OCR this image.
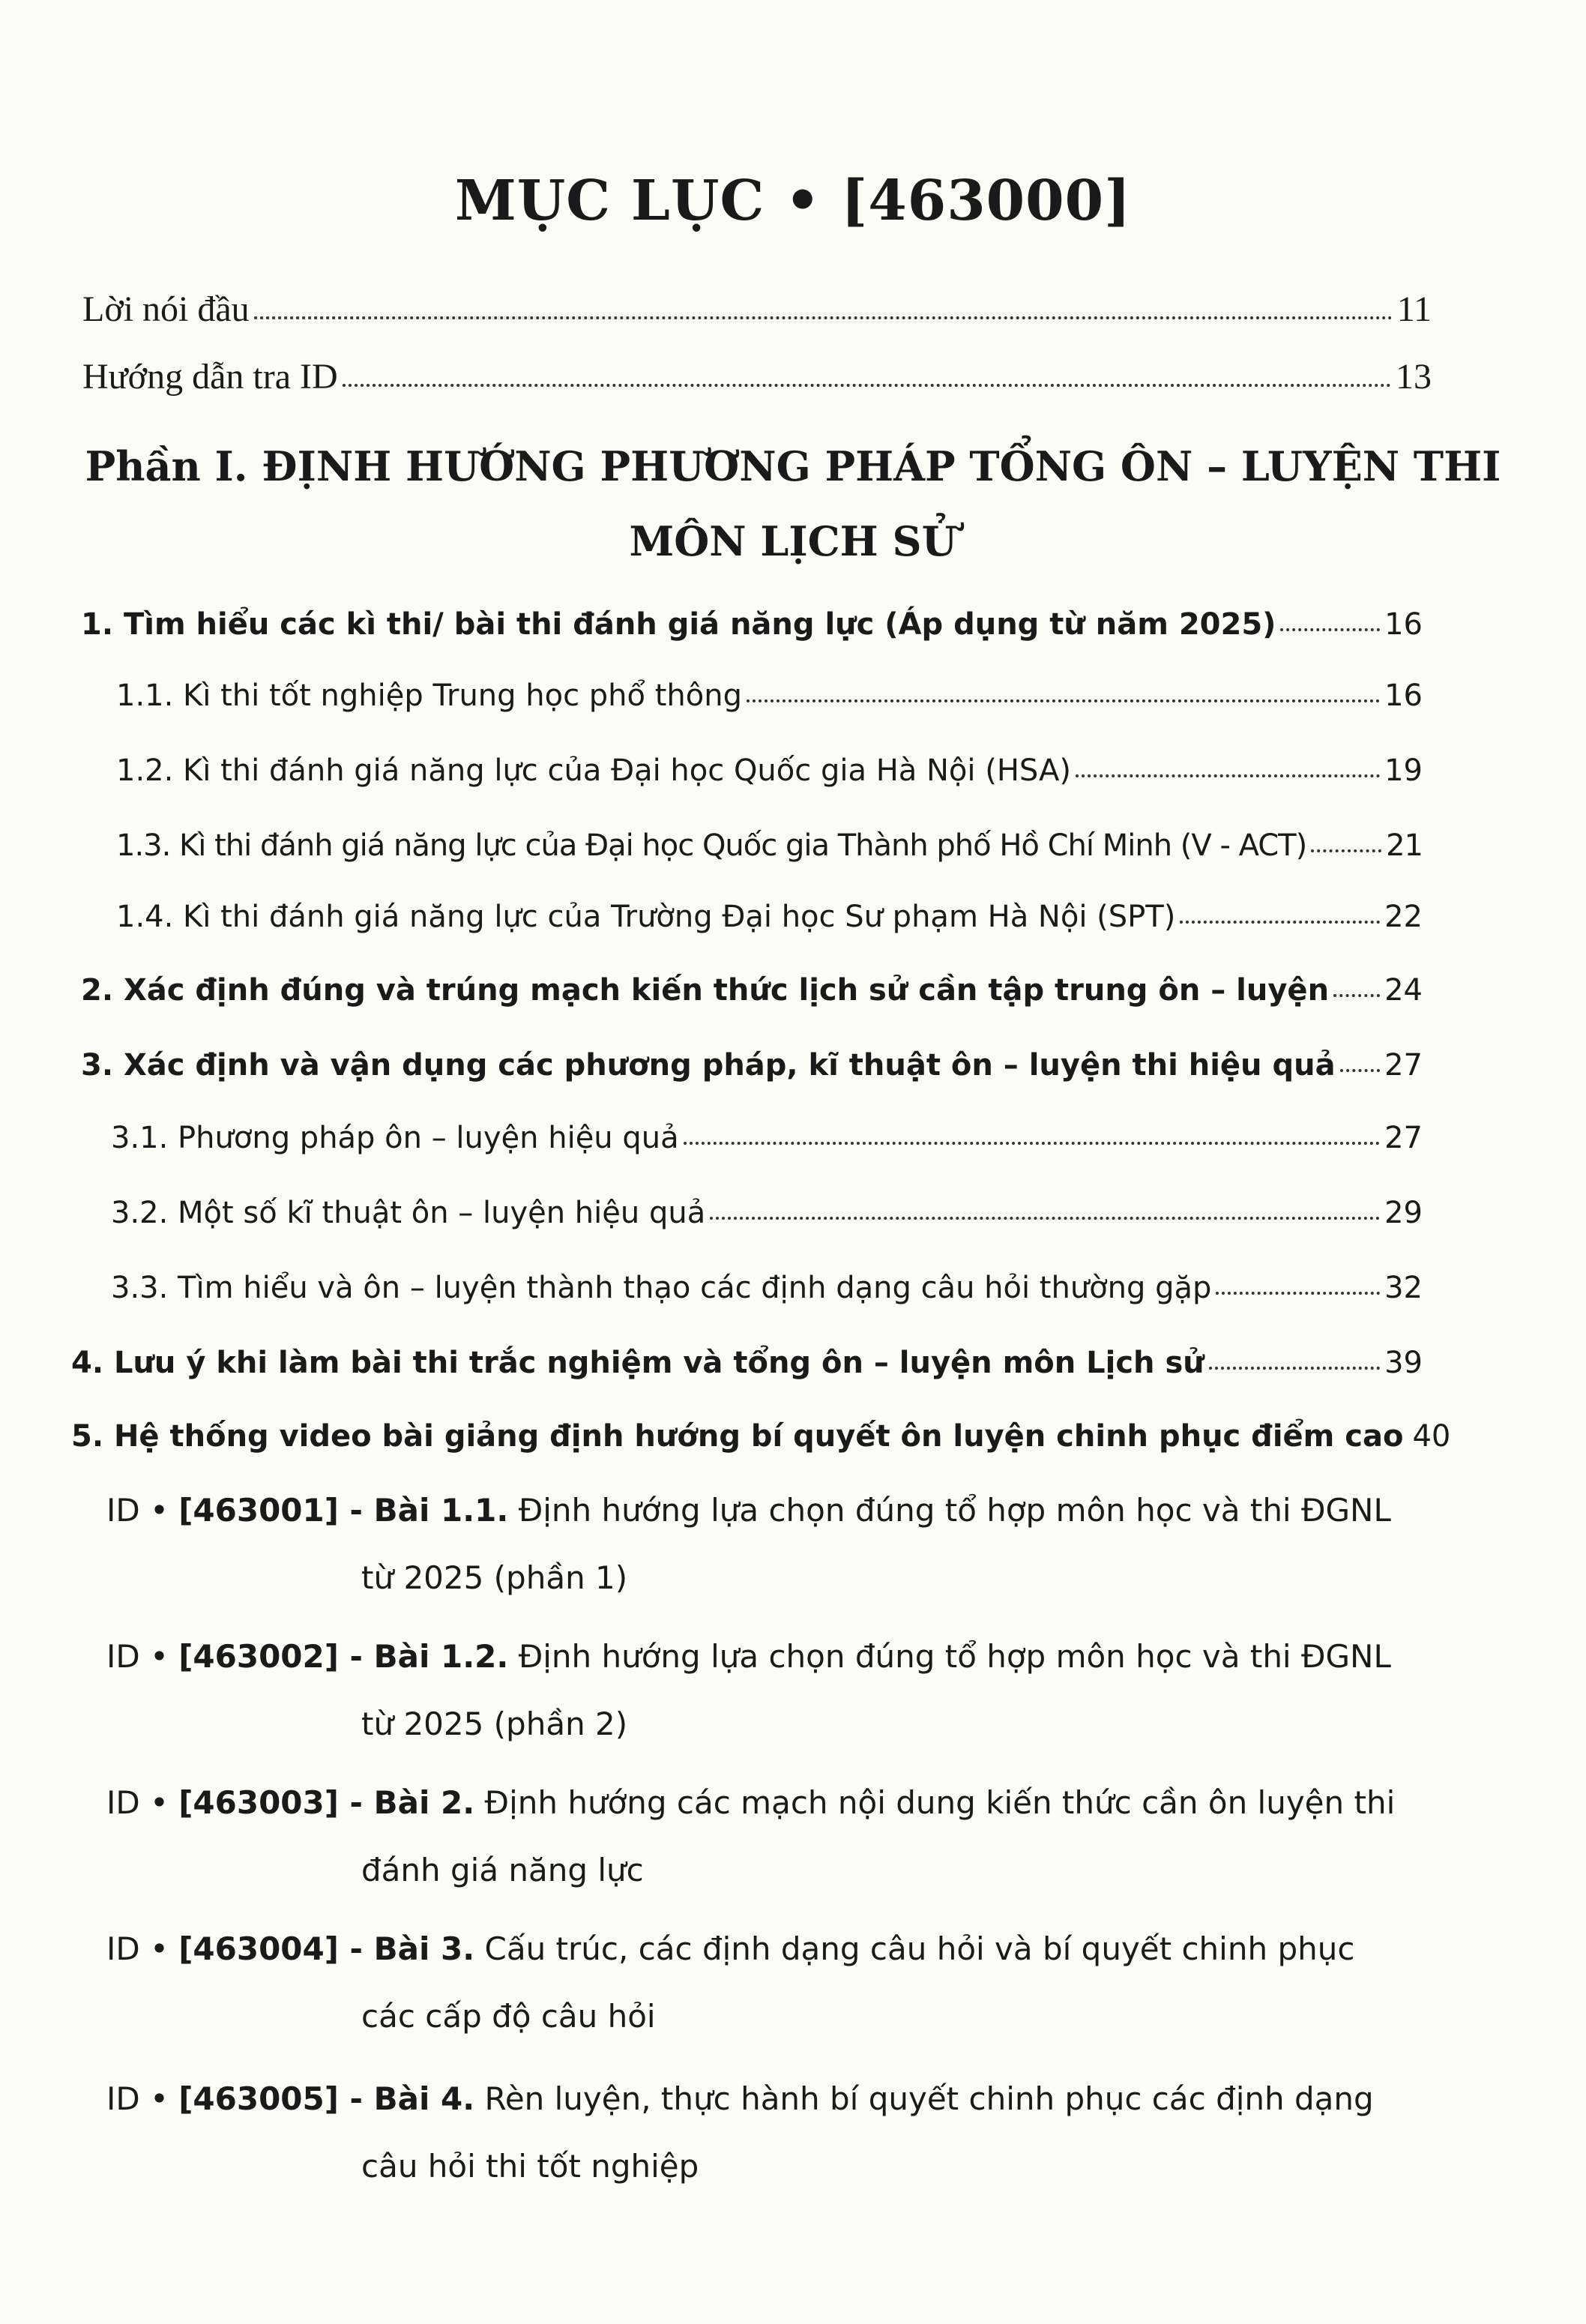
MỤC LỤC • [463000]
Lời nói đầu	11
Hướng dẫn tra ID	13
Phần I. ĐỊNH HƯỚNG PHƯƠNG PHÁP TỔNG ÔN – LUYỆN THI
MÔN LỊCH SỬ
1. Tìm hiểu các kì thi/ bài thi đánh giá năng lực (Áp dụng từ năm 2025)	16
1.1. Kì thi tốt nghiệp Trung học phổ thông	16
1.2. Kì thi đánh giá năng lực của Đại học Quốc gia Hà Nội (HSA)	19
1.3. Kì thi đánh giá năng lực của Đại học Quốc gia Thành phố Hồ Chí Minh (V - ACT)	21
1.4. Kì thi đánh giá năng lực của Trường Đại học Sư phạm Hà Nội (SPT)	22
2. Xác định đúng và trúng mạch kiến thức lịch sử cần tập trung ôn – luyện 24
3. Xác định và vận dụng các phương pháp, kĩ thuật ôn – luyện thi hiệu quả 27
3.1. Phương pháp ôn – luyện hiệu quả	27
3.2. Một số kĩ thuật ôn – luyện hiệu quả	29
3.3. Tìm hiểu và ôn – luyện thành thạo các định dạng câu hỏi thường gặp	32
4. Lưu ý khi làm bài thi trắc nghiệm và tổng ôn – luyện môn Lịch sử	39
5. Hệ thống video bài giảng định hướng bí quyết ôn luyện chinh phục điểm cao 40
ID • [463001] - Bài 1.1. Định hướng lựa chọn đúng tổ hợp môn học và thi ĐGNL
từ 2025 (phần 1)
ID • [463002] - Bài 1.2. Định hướng lựa chọn đúng tổ hợp môn học và thi ĐGNL
từ 2025 (phần 2)
ID • [463003] - Bài 2. Định hướng các mạch nội dung kiến thức cần ôn luyện thi
đánh giá năng lực
ID • [463004] - Bài 3. Cấu trúc, các định dạng câu hỏi và bí quyết chinh phục
các cấp độ câu hỏi
ID • [463005] - Bài 4. Rèn luyện, thực hành bí quyết chinh phục các định dạng
câu hỏi thi tốt nghiệp
